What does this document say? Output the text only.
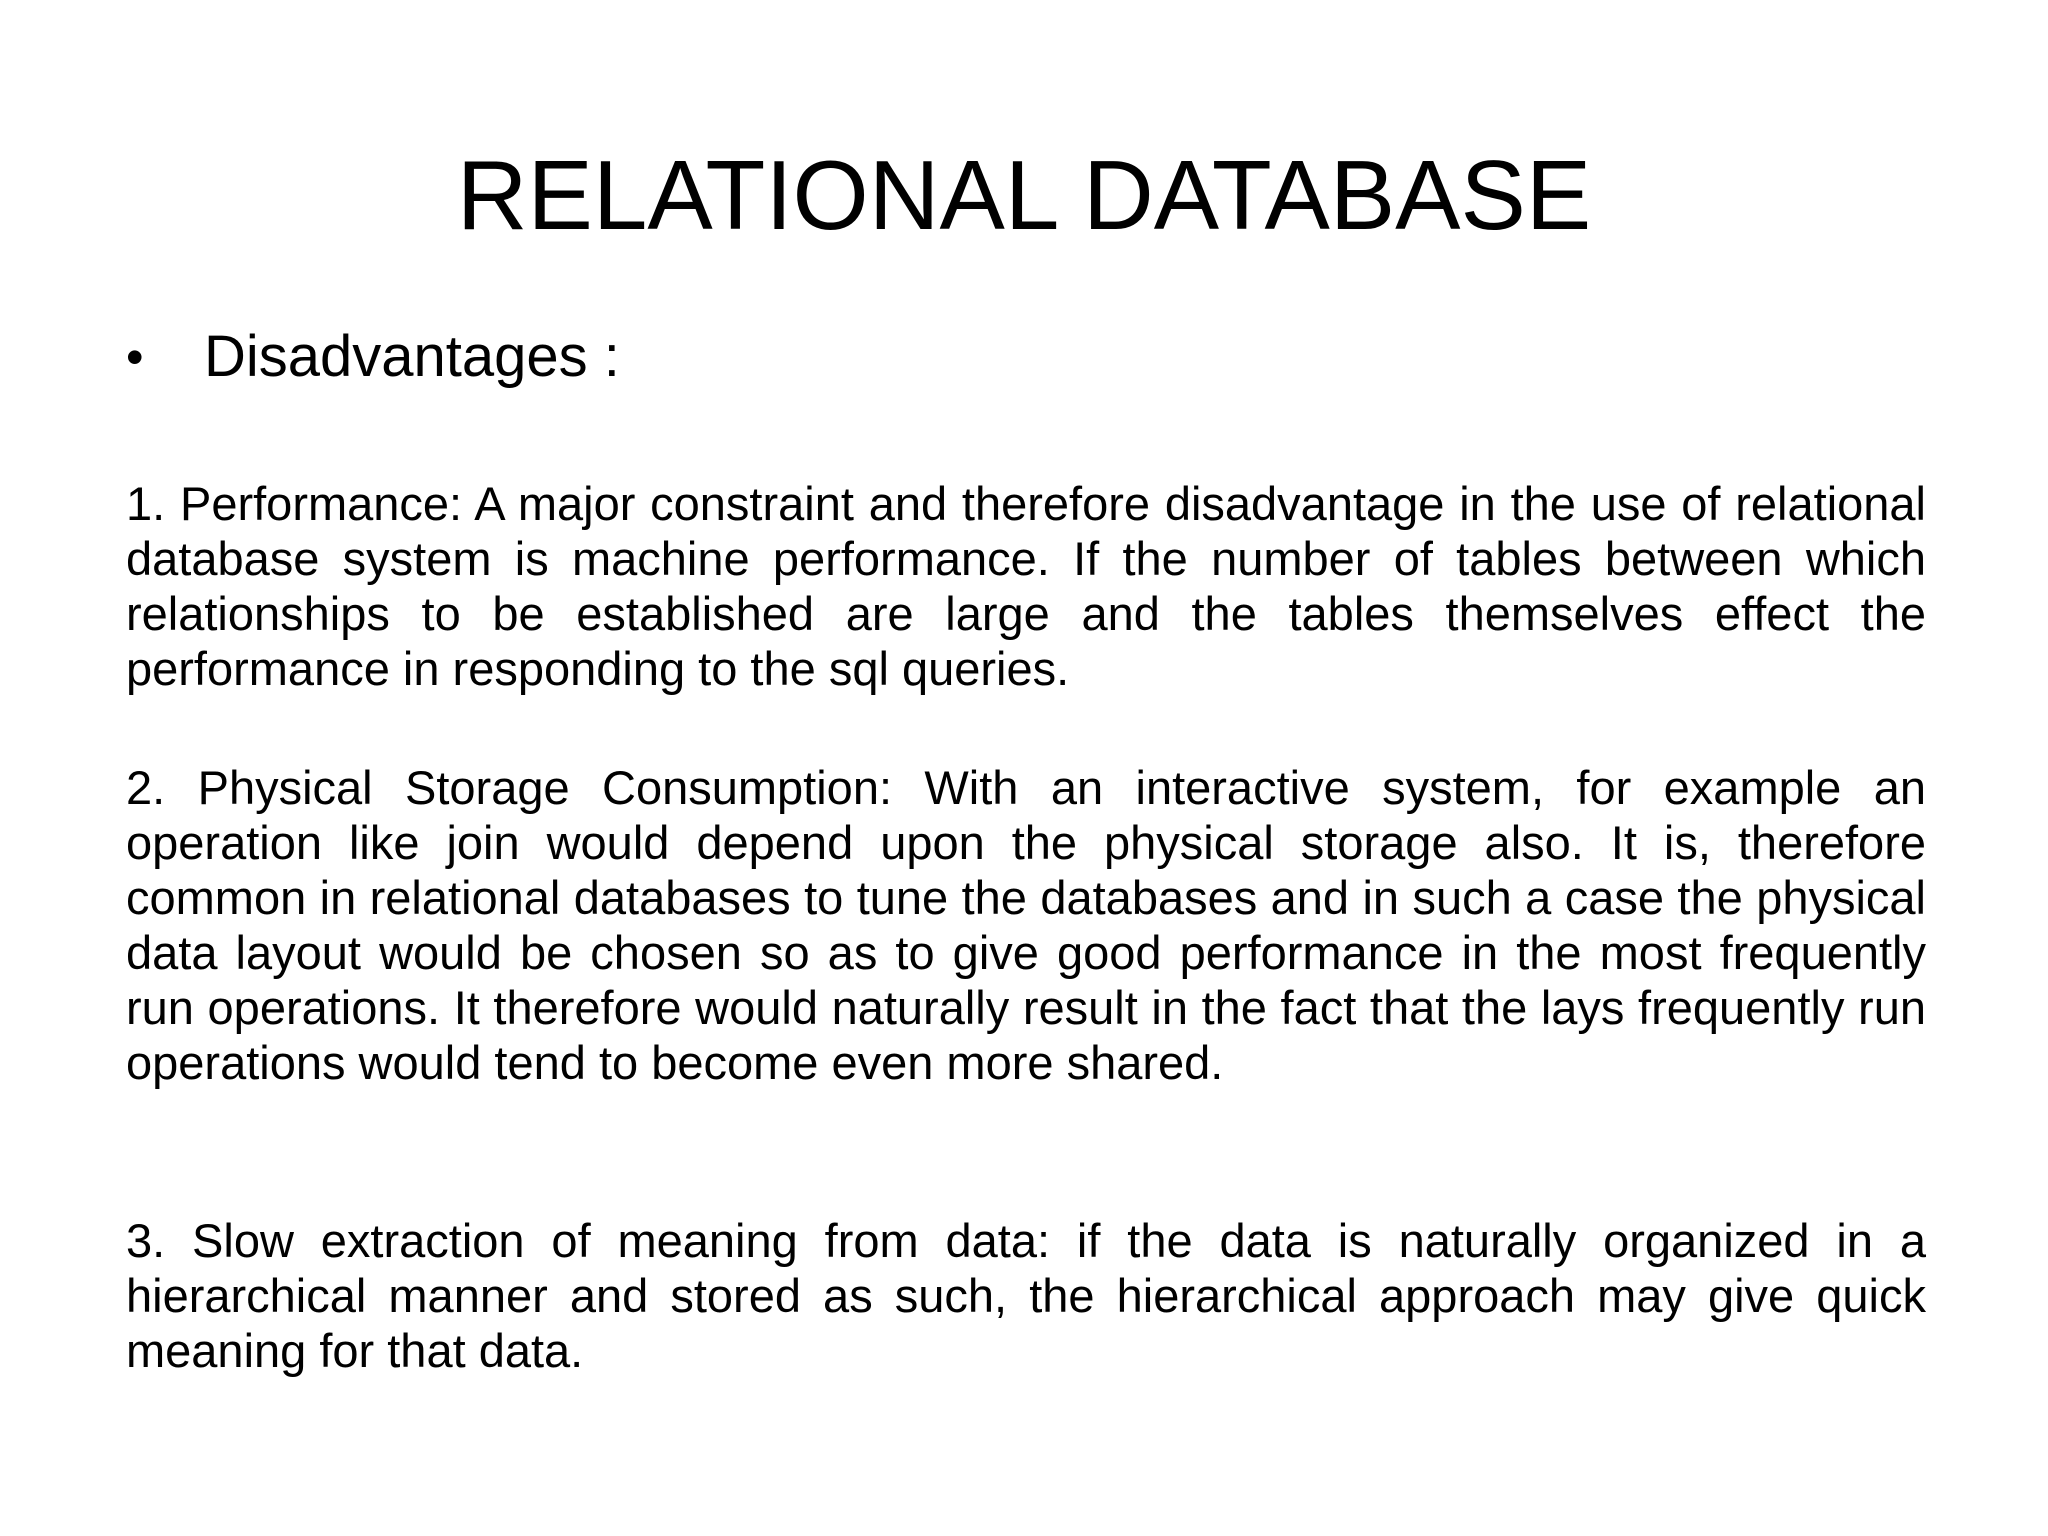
RELATIONAL DATABASE
•	Disadvantages :

1. Performance: A major constraint and therefore disadvantage in the use of relational database system is machine performance. If the number of tables between which relationships to be established are large and the tables themselves effect the performance in responding to the sql queries.

2. Physical Storage Consumption: With an interactive system, for example an operation like join would depend upon the physical storage also. It is, therefore common in relational databases to tune the databases and in such a case the physical data layout would be chosen so as to give good performance in the most frequently run operations. It therefore would naturally result in the fact that the lays frequently run operations would tend to become even more shared.

3. Slow extraction of meaning from data: if the data is naturally organized in a hierarchical manner and stored as such, the hierarchical approach may give quick meaning for that data.
